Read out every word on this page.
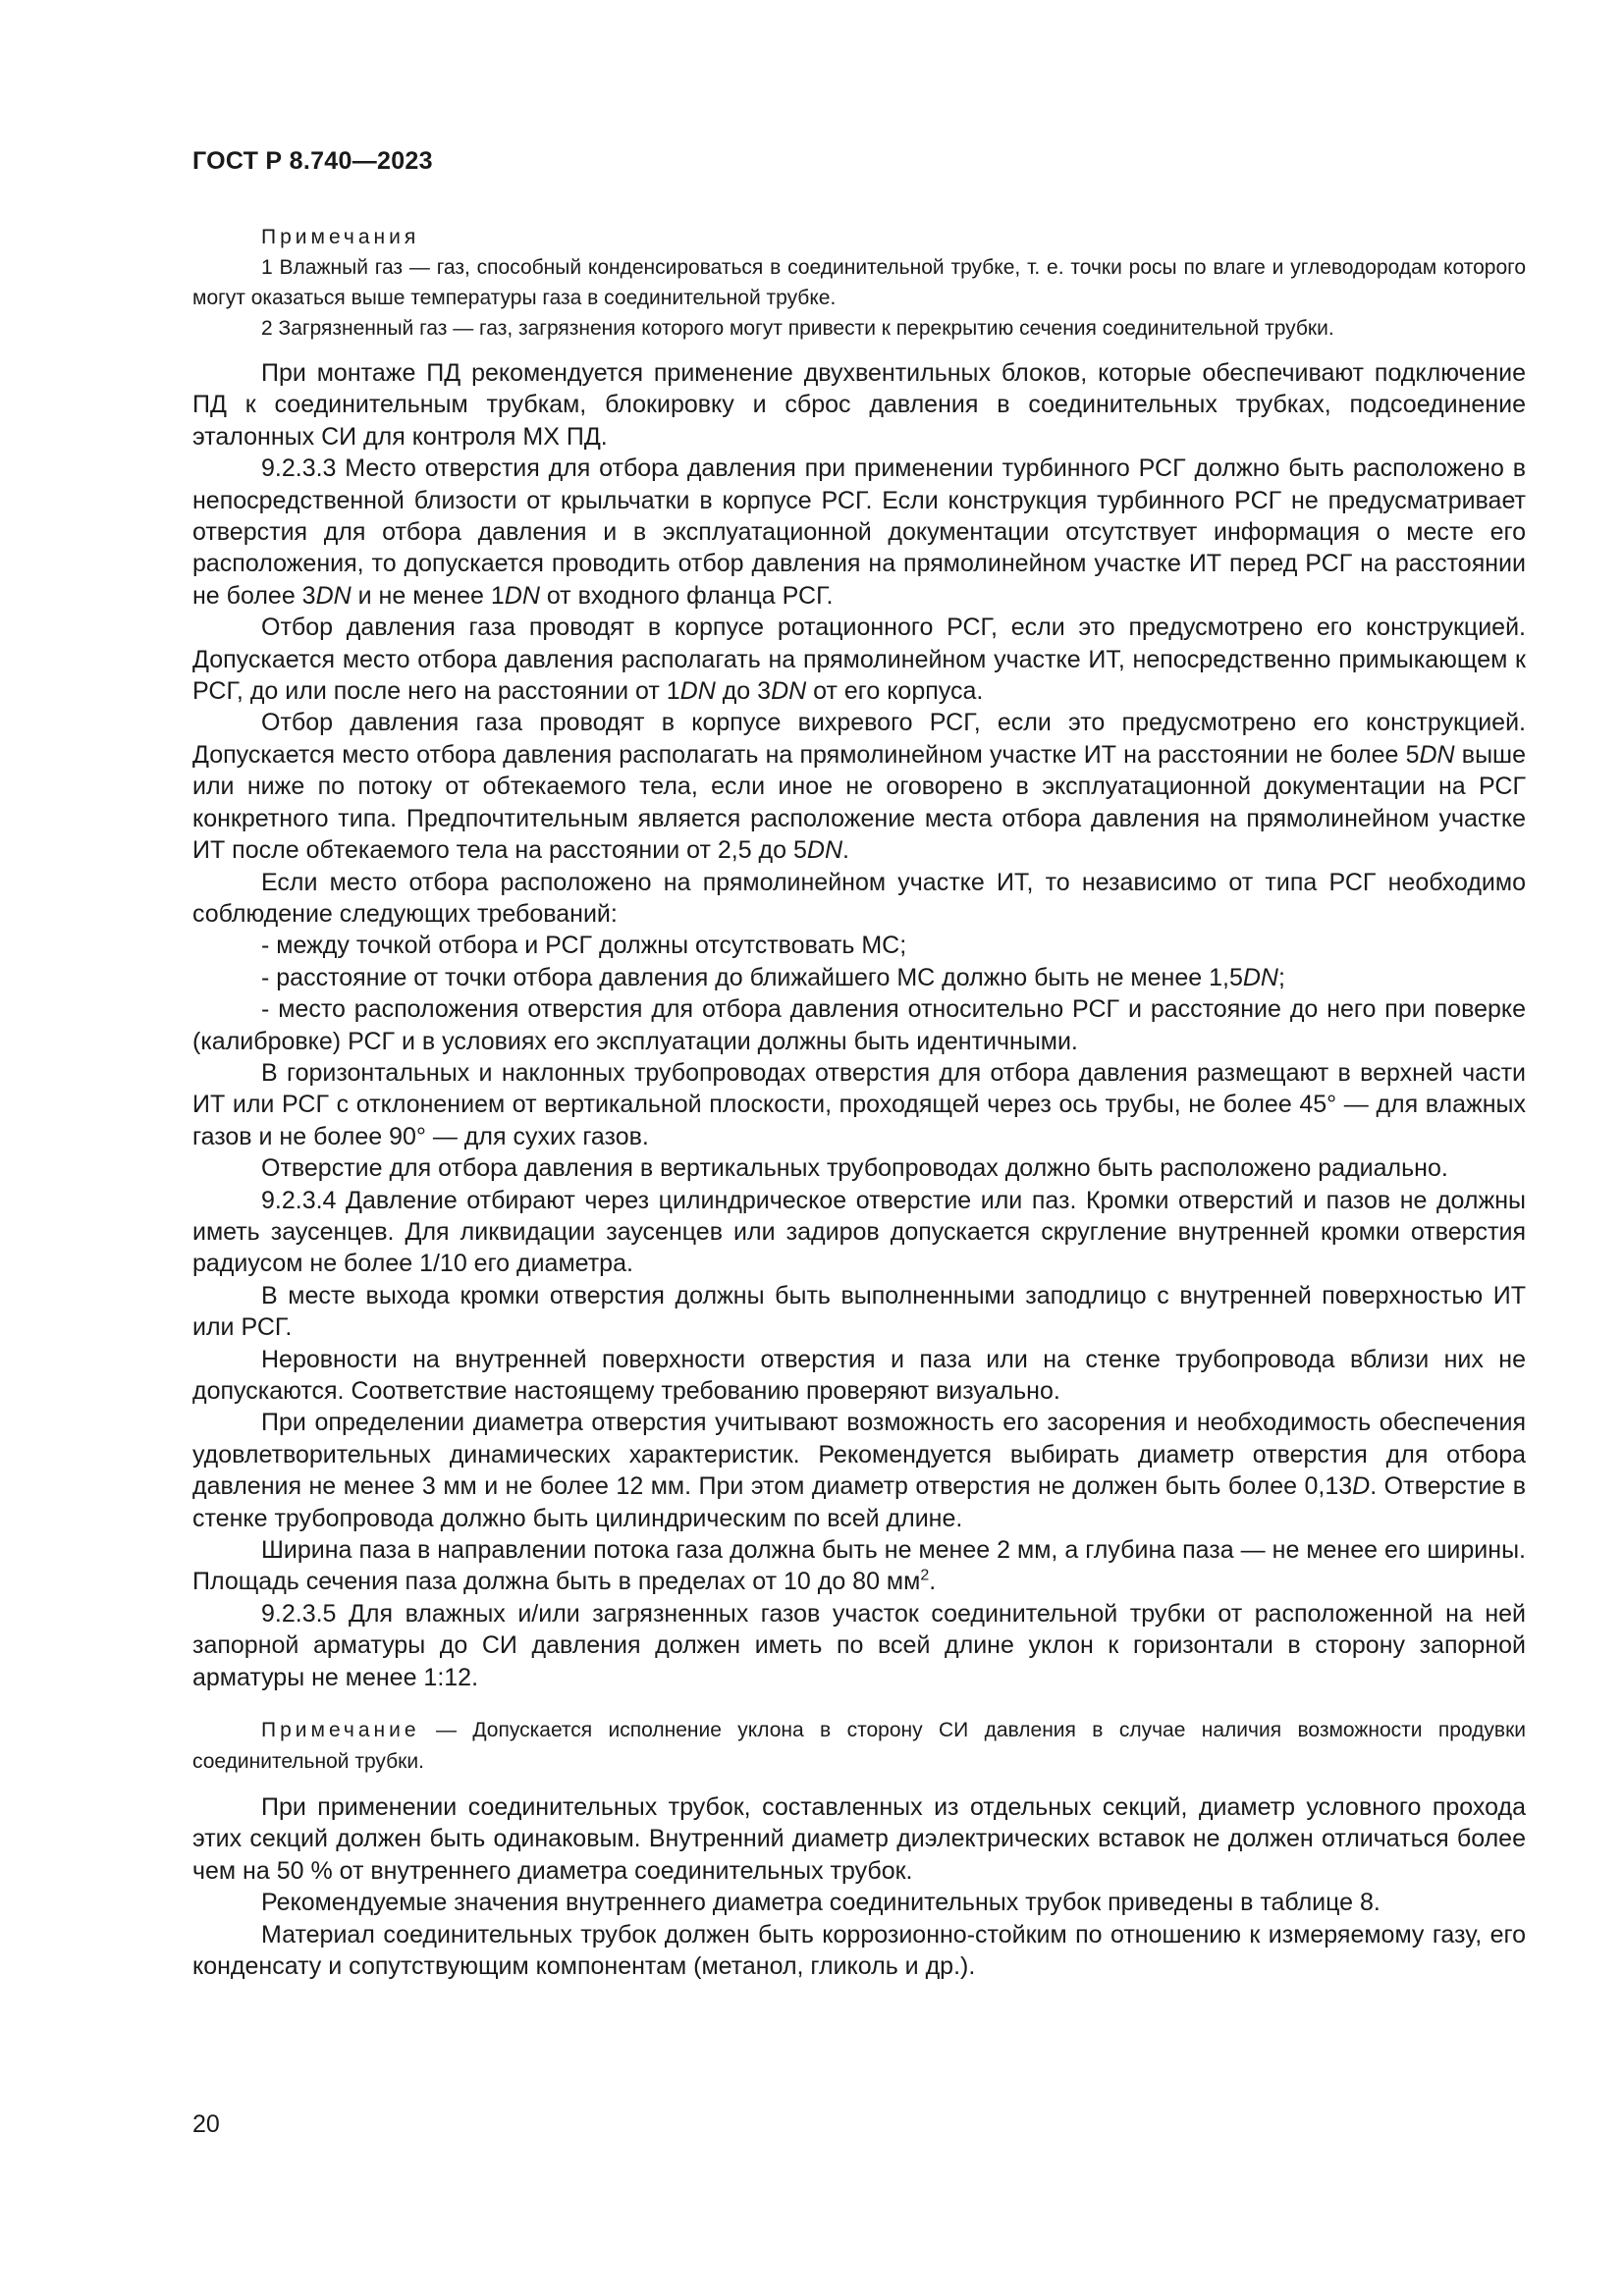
ГОСТ Р 8.740—2023
Примечания

1 Влажный газ — газ, способный конденсироваться в соединительной трубке, т. е. точки росы по влаге и углеводородам которого могут оказаться выше температуры газа в соединительной трубке.

2 Загрязненный газ — газ, загрязнения которого могут привести к перекрытию сечения соединительной трубки.

При монтаже ПД рекомендуется применение двухвентильных блоков, которые обеспечивают подключение ПД к соединительным трубкам, блокировку и сброс давления в соединительных трубках, подсоединение эталонных СИ для контроля МХ ПД.

9.2.3.3 Место отверстия для отбора давления при применении турбинного РСГ должно быть расположено в непосредственной близости от крыльчатки в корпусе РСГ. Если конструкция турбинного РСГ не предусматривает отверстия для отбора давления и в эксплуатационной документации отсутствует информация о месте его расположения, то допускается проводить отбор давления на прямолинейном участке ИТ перед РСГ на расстоянии не более 3DN и не менее 1DN от входного фланца РСГ.

Отбор давления газа проводят в корпусе ротационного РСГ, если это предусмотрено его конструкцией. Допускается место отбора давления располагать на прямолинейном участке ИТ, непосредственно примыкающем к РСГ, до или после него на расстоянии от 1DN до 3DN от его корпуса.

Отбор давления газа проводят в корпусе вихревого РСГ, если это предусмотрено его конструкцией. Допускается место отбора давления располагать на прямолинейном участке ИТ на расстоянии не более 5DN выше или ниже по потоку от обтекаемого тела, если иное не оговорено в эксплуатационной документации на РСГ конкретного типа. Предпочтительным является расположение места отбора давления на прямолинейном участке ИТ после обтекаемого тела на расстоянии от 2,5 до 5DN.

Если место отбора расположено на прямолинейном участке ИТ, то независимо от типа РСГ необходимо соблюдение следующих требований:

- между точкой отбора и РСГ должны отсутствовать МС;

- расстояние от точки отбора давления до ближайшего МС должно быть не менее 1,5DN;

- место расположения отверстия для отбора давления относительно РСГ и расстояние до него при поверке (калибровке) РСГ и в условиях его эксплуатации должны быть идентичными.

В горизонтальных и наклонных трубопроводах отверстия для отбора давления размещают в верхней части ИТ или РСГ с отклонением от вертикальной плоскости, проходящей через ось трубы, не более 45° — для влажных газов и не более 90° — для сухих газов.

Отверстие для отбора давления в вертикальных трубопроводах должно быть расположено радиально.

9.2.3.4 Давление отбирают через цилиндрическое отверстие или паз. Кромки отверстий и пазов не должны иметь заусенцев. Для ликвидации заусенцев или задиров допускается скругление внутренней кромки отверстия радиусом не более 1/10 его диаметра.

В месте выхода кромки отверстия должны быть выполненными заподлицо с внутренней поверхностью ИТ или РСГ.

Неровности на внутренней поверхности отверстия и паза или на стенке трубопровода вблизи них не допускаются. Соответствие настоящему требованию проверяют визуально.

При определении диаметра отверстия учитывают возможность его засорения и необходимость обеспечения удовлетворительных динамических характеристик. Рекомендуется выбирать диаметр отверстия для отбора давления не менее 3 мм и не более 12 мм. При этом диаметр отверстия не должен быть более 0,13D. Отверстие в стенке трубопровода должно быть цилиндрическим по всей длине.

Ширина паза в направлении потока газа должна быть не менее 2 мм, а глубина паза — не менее его ширины. Площадь сечения паза должна быть в пределах от 10 до 80 $мм^2$.

9.2.3.5 Для влажных и/или загрязненных газов участок соединительной трубки от расположенной на ней запорной арматуры до СИ давления должен иметь по всей длине уклон к горизонтали в сторону запорной арматуры не менее 1:12.

Примечание — Допускается исполнение уклона в сторону СИ давления в случае наличия возможности продувки соединительной трубки.

При применении соединительных трубок, составленных из отдельных секций, диаметр условного прохода этих секций должен быть одинаковым. Внутренний диаметр диэлектрических вставок не должен отличаться более чем на 50 % от внутреннего диаметра соединительных трубок.

Рекомендуемые значения внутреннего диаметра соединительных трубок приведены в таблице 8.

Материал соединительных трубок должен быть коррозионно-стойким по отношению к измеряемому газу, его конденсату и сопутствующим компонентам (метанол, гликоль и др.).

20
